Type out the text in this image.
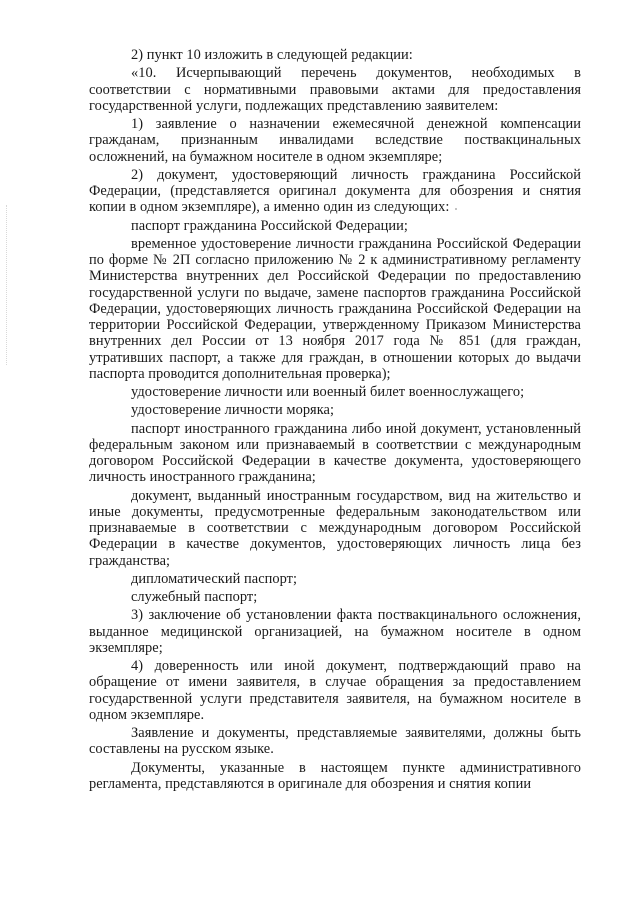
2) пункт 10 изложить в следующей редакции:

«10. Исчерпывающий перечень документов, необходимых в соответствии с нормативными правовыми актами для предоставления государственной услуги, подлежащих представлению заявителем:

1) заявление о назначении ежемесячной денежной компенсации гражданам, признанным инвалидами вследствие поствакцинальных осложнений, на бумажном носителе в одном экземпляре;

2) документ, удостоверяющий личность гражданина Российской Федерации, (представляется оригинал документа для обозрения и снятия копии в одном экземпляре), а именно один из следующих:

паспорт гражданина Российской Федерации;

временное удостоверение личности гражданина Российской Федерации по форме № 2П согласно приложению № 2 к административному регламенту Министерства внутренних дел Российской Федерации по предоставлению государственной услуги по выдаче, замене паспортов гражданина Российской Федерации, удостоверяющих личность гражданина Российской Федерации на территории Российской Федерации, утвержденному Приказом Министерства внутренних дел России от 13 ноября 2017 года № 851 (для граждан, утративших паспорт, а также для граждан, в отношении которых до выдачи паспорта проводится дополнительная проверка);

удостоверение личности или военный билет военнослужащего;

удостоверение личности моряка;

паспорт иностранного гражданина либо иной документ, установленный федеральным законом или признаваемый в соответствии с международным договором Российской Федерации в качестве документа, удостоверяющего личность иностранного гражданина;

документ, выданный иностранным государством, вид на жительство и иные документы, предусмотренные федеральным законодательством или признаваемые в соответствии с международным договором Российской Федерации в качестве документов, удостоверяющих личность лица без гражданства;

дипломатический паспорт;

служебный паспорт;

3) заключение об установлении факта поствакцинального осложнения, выданное медицинской организацией, на бумажном носителе в одном экземпляре;

4) доверенность или иной документ, подтверждающий право на обращение от имени заявителя, в случае обращения за предоставлением государственной услуги представителя заявителя, на бумажном носителе в одном экземпляре.

Заявление и документы, представляемые заявителями, должны быть составлены на русском языке.

Документы, указанные в настоящем пункте административного регламента, представляются в оригинале для обозрения и снятия копии
